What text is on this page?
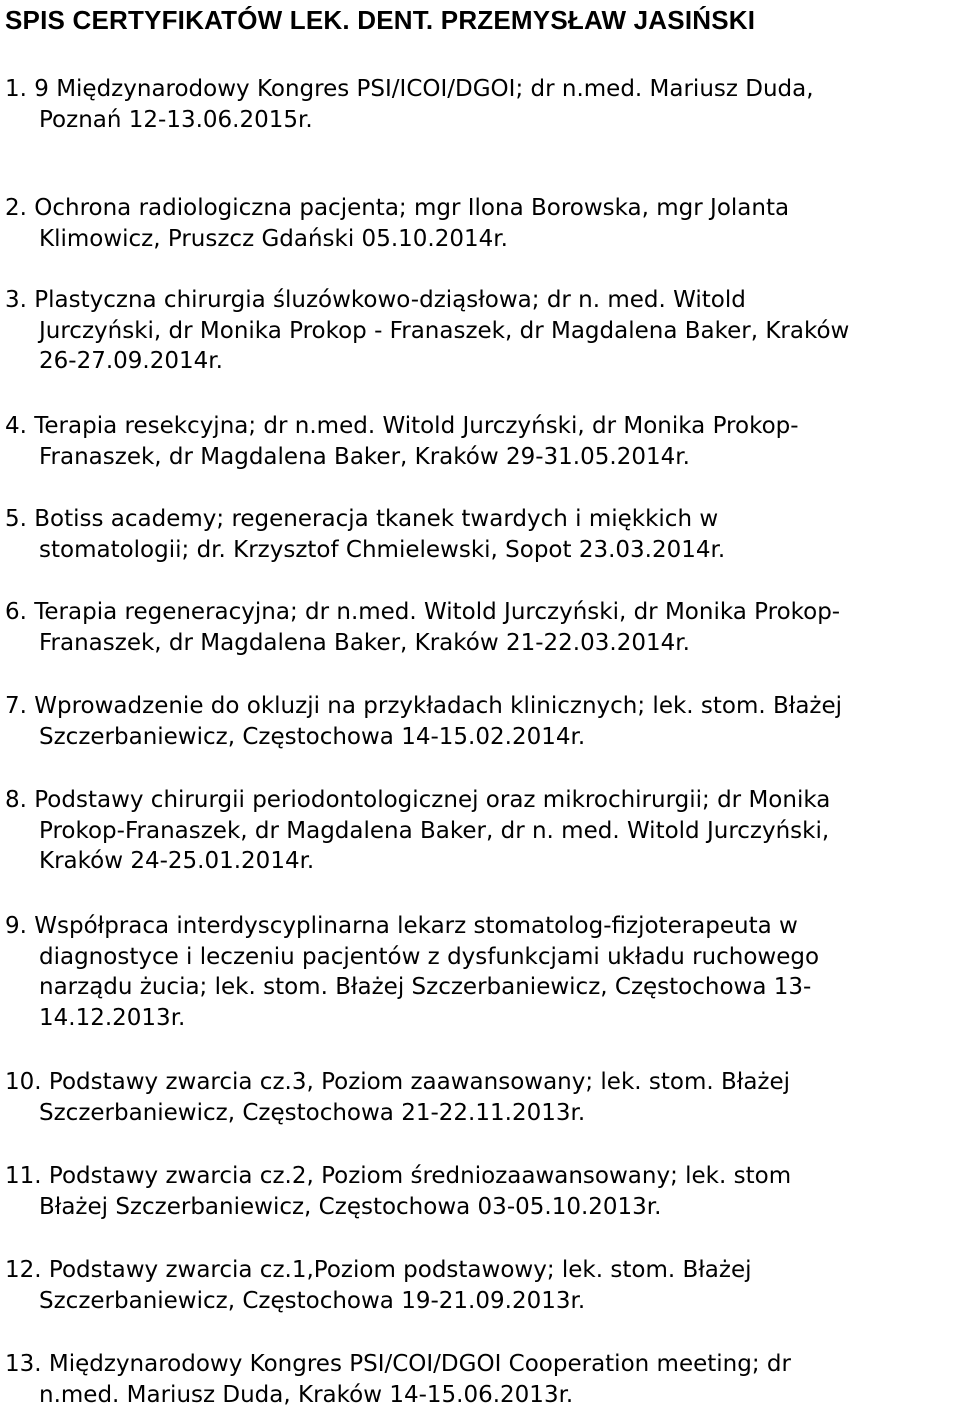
SPIS CERTYFIKATÓW LEK. DENT. PRZEMYSŁAW JASIŃSKI
1. 9 Międzynarodowy Kongres PSI/ICOI/DGOI; dr n.med. Mariusz Duda,
Poznań 12-13.06.2015r.
2. Ochrona radiologiczna pacjenta; mgr Ilona Borowska, mgr Jolanta
Klimowicz, Pruszcz Gdański 05.10.2014r.
3. Plastyczna chirurgia śluzówkowo-dziąsłowa; dr n. med. Witold
Jurczyński, dr Monika Prokop - Franaszek, dr Magdalena Baker, Kraków
26-27.09.2014r.
4. Terapia resekcyjna; dr n.med. Witold Jurczyński, dr Monika Prokop-
Franaszek, dr Magdalena Baker, Kraków 29-31.05.2014r.
5. Botiss academy; regeneracja tkanek twardych i miękkich w
stomatologii; dr. Krzysztof Chmielewski, Sopot 23.03.2014r.
6. Terapia regeneracyjna; dr n.med. Witold Jurczyński, dr Monika Prokop-
Franaszek, dr Magdalena Baker, Kraków 21-22.03.2014r.
7. Wprowadzenie do okluzji na przykładach klinicznych; lek. stom. Błażej
Szczerbaniewicz, Częstochowa 14-15.02.2014r.
8. Podstawy chirurgii periodontologicznej oraz mikrochirurgii; dr Monika
Prokop-Franaszek, dr Magdalena Baker, dr n. med. Witold Jurczyński,
Kraków 24-25.01.2014r.
9. Współpraca interdyscyplinarna lekarz stomatolog-fizjoterapeuta w
diagnostyce i leczeniu pacjentów z dysfunkcjami układu ruchowego
narządu żucia; lek. stom. Błażej Szczerbaniewicz, Częstochowa 13-
14.12.2013r.
10. Podstawy zwarcia cz.3, Poziom zaawansowany; lek. stom. Błażej
Szczerbaniewicz, Częstochowa 21-22.11.2013r.
11. Podstawy zwarcia cz.2, Poziom średniozaawansowany; lek. stom
Błażej Szczerbaniewicz, Częstochowa 03-05.10.2013r.
12. Podstawy zwarcia cz.1,Poziom podstawowy; lek. stom. Błażej
Szczerbaniewicz, Częstochowa 19-21.09.2013r.
13. Międzynarodowy Kongres PSI/COI/DGOI Cooperation meeting; dr
n.med. Mariusz Duda, Kraków 14-15.06.2013r.
